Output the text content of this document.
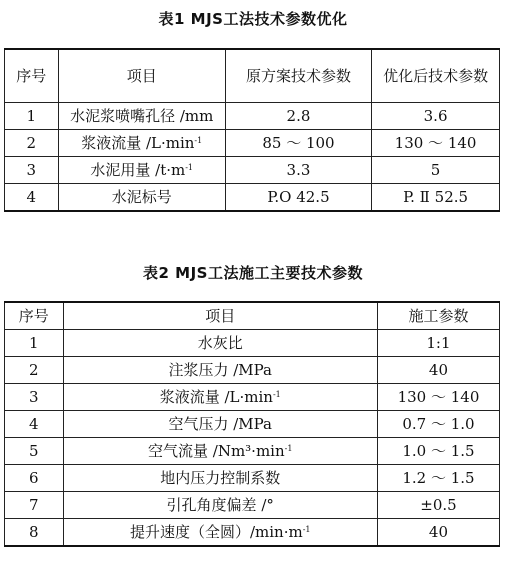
表1 MJS工法技术参数优化
序号	项目	原方案技术参数	优化后技术参数
1	水泥浆喷嘴孔径 /mm	2.8	3.6
2	浆液流量 $/L\cdot\min^{-1}$	85 ～ 100	130 ～ 140
3	水泥用量 $/t\cdot m^{-1}$	3.3	5
4	水泥标号	P.O 42.5	P. Ⅱ 52.5
表2 MJS工法施工主要技术参数
序号	项目	施工参数
1	水灰比	1:1
2	注浆压力 /MPa	40
3	浆液流量 $/L\cdot\min^{-1}$	130 ～ 140
4	空气压力 /MPa	0.7 ～ 1.0
5	空气流量 $/Nm^3\cdot\min^{-1}$	1.0 ～ 1.5
6	地内压力控制系数	1.2 ～ 1.5
7	引孔角度偏差 /°	±0.5
8	提升速度（全圆）$/\min\cdot m^{-1}$	40
